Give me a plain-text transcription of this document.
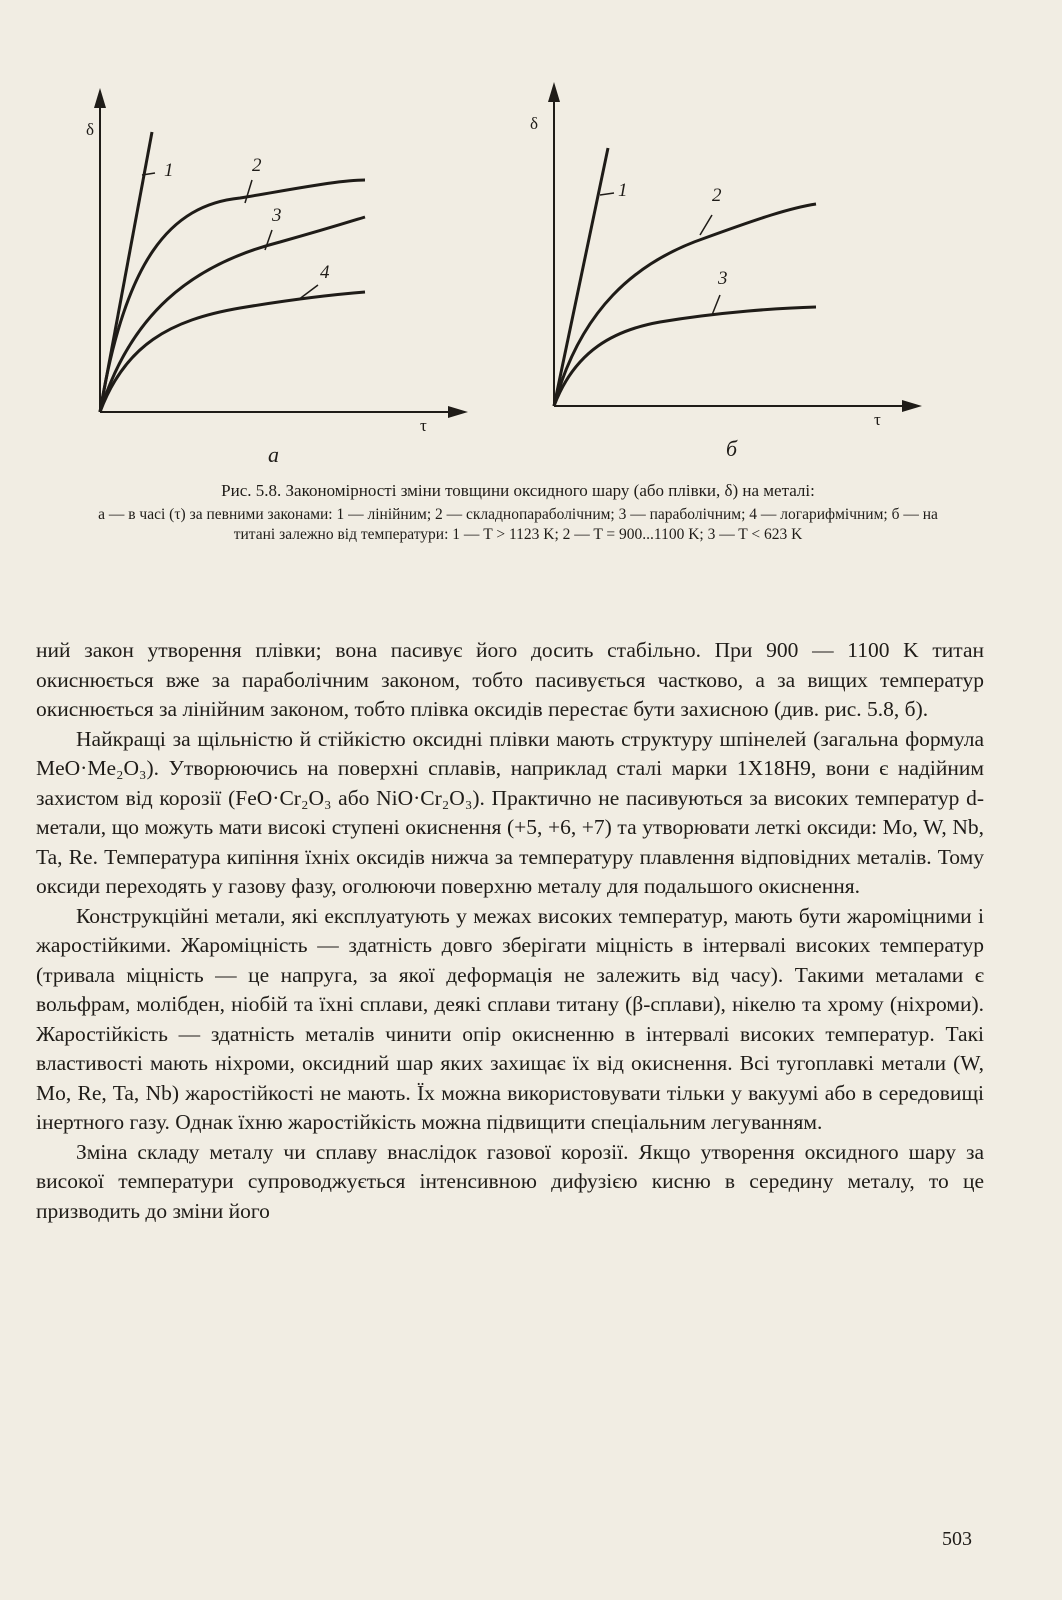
δ
τ
1	2
3
4
а
δ
τ
1	2
3
б
Рис. 5.8. Закономірності зміни товщини оксидного шару (або плівки, δ) на металі:
а — в часі (τ) за певними законами: 1 — лінійним; 2 — складнопараболічним; 3 — параболічним; 4 — логарифмічним; б — на титані залежно від температури: 1 — T > 1123 K; 2 — T = 900...1100 K; 3 — T < 623 K

ний закон утворення плівки; вона пасивує його досить стабільно. При 900 — 1100 K титан окиснюється вже за параболічним законом, тобто пасивується частково, а за вищих температур окиснюється за лінійним законом, тобто плівка оксидів перестає бути захисною (див. рис. 5.8, б).

Найкращі за щільністю й стійкістю оксидні плівки мають структуру шпінелей (загальна формула MeO·Me₂O₃). Утворюючись на поверхні сплавів, наприклад сталі марки 1X18H9, вони є надійним захистом від корозії (FeO·Cr₂O₃ або NiO·Cr₂O₃). Практично не пасивуються за високих температур d-метали, що можуть мати високі ступені окиснення (+5, +6, +7) та утворювати леткі оксиди: Mo, W, Nb, Ta, Re. Температура кипіння їхніх оксидів нижча за температуру плавлення відповідних металів. Тому оксиди переходять у газову фазу, оголюючи поверхню металу для подальшого окиснення.

Конструкційні метали, які експлуатують у межах високих температур, мають бути жароміцними і жаростійкими. Жароміцність — здатність довго зберігати міцність в інтервалі високих температур (тривала міцність — це напруга, за якої деформація не залежить від часу). Такими металами є вольфрам, молібден, ніобій та їхні сплави, деякі сплави титану (β-сплави), нікелю та хрому (ніхроми). Жаростійкість — здатність металів чинити опір окисненню в інтервалі високих температур. Такі властивості мають ніхроми, оксидний шар яких захищає їх від окиснення. Всі тугоплавкі метали (W, Mo, Re, Ta, Nb) жаростійкості не мають. Їх можна використовувати тільки у вакуумі або в середовищі інертного газу. Однак їхню жаростійкість можна підвищити спеціальним легуванням.

Зміна складу металу чи сплаву внаслідок газової корозії. Якщо утворення оксидного шару за високої температури супроводжується інтенсивною дифузією кисню в середину металу, то це призводить до зміни його

503
